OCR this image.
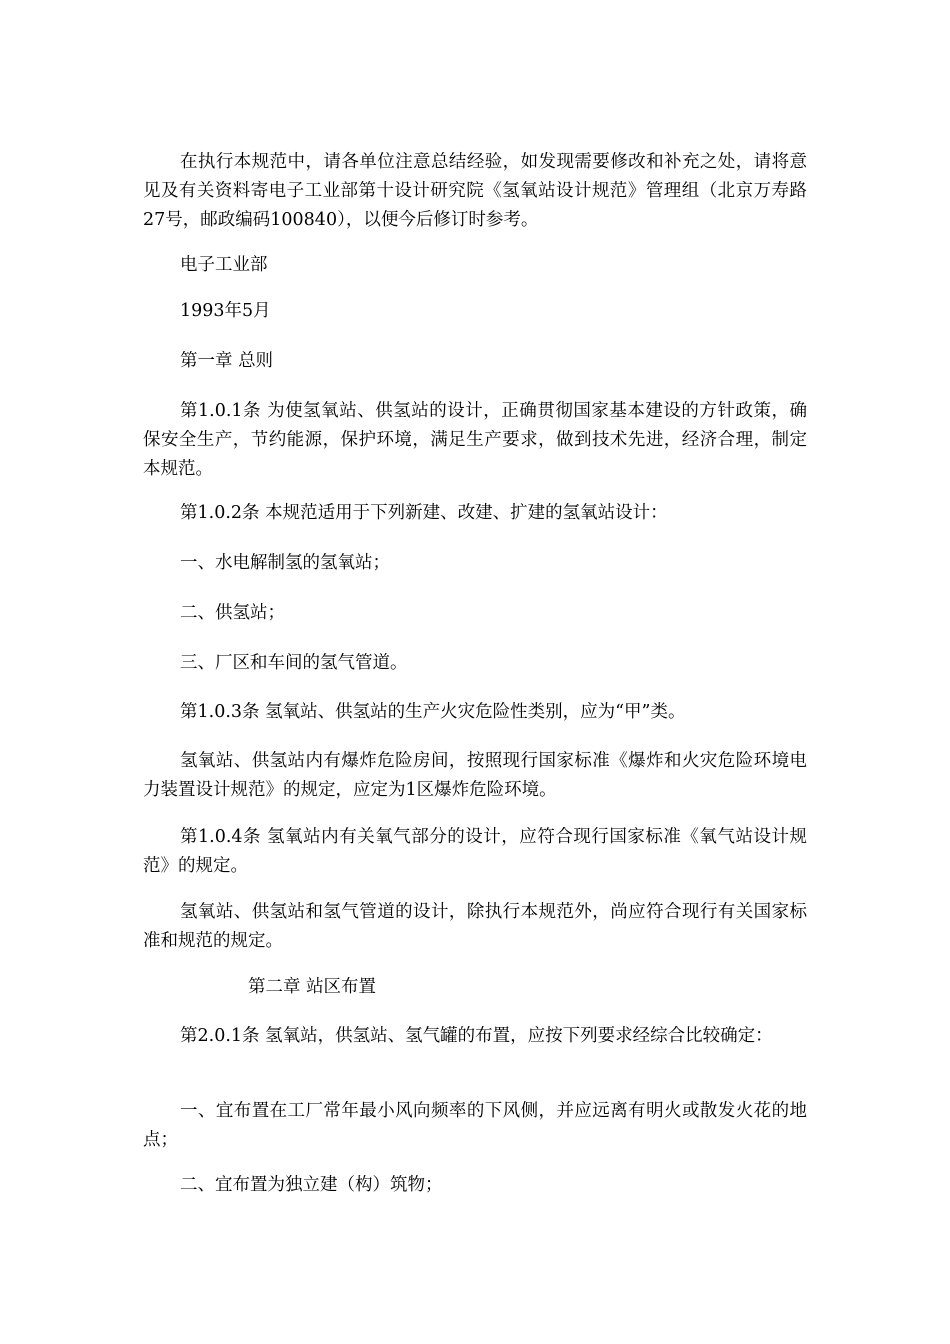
在执行本规范中，请各单位注意总结经验，如发现需要修改和补充之处，请将意见及有关资料寄电子工业部第十设计研究院《氢氧站设计规范》管理组（北京万寿路27号，邮政编码100840），以便今后修订时参考。

电子工业部

1993年5月

第一章 总则

第1.0.1条 为使氢氧站、供氢站的设计，正确贯彻国家基本建设的方针政策，确保安全生产，节约能源，保护环境，满足生产要求，做到技术先进，经济合理，制定本规范。

第1.0.2条 本规范适用于下列新建、改建、扩建的氢氧站设计：

一、水电解制氢的氢氧站；

二、供氢站；

三、厂区和车间的氢气管道。

第1.0.3条 氢氧站、供氢站的生产火灾危险性类别，应为“甲”类。

氢氧站、供氢站内有爆炸危险房间，按照现行国家标准《爆炸和火灾危险环境电力装置设计规范》的规定，应定为1区爆炸危险环境。

第1.0.4条 氢氧站内有关氧气部分的设计，应符合现行国家标准《氧气站设计规范》的规定。

氢氧站、供氢站和氢气管道的设计，除执行本规范外，尚应符合现行有关国家标准和规范的规定。

第二章 站区布置

第2.0.1条 氢氧站，供氢站、氢气罐的布置，应按下列要求经综合比较确定：

一、宜布置在工厂常年最小风向频率的下风侧，并应远离有明火或散发火花的地点；

二、宜布置为独立建（构）筑物；
